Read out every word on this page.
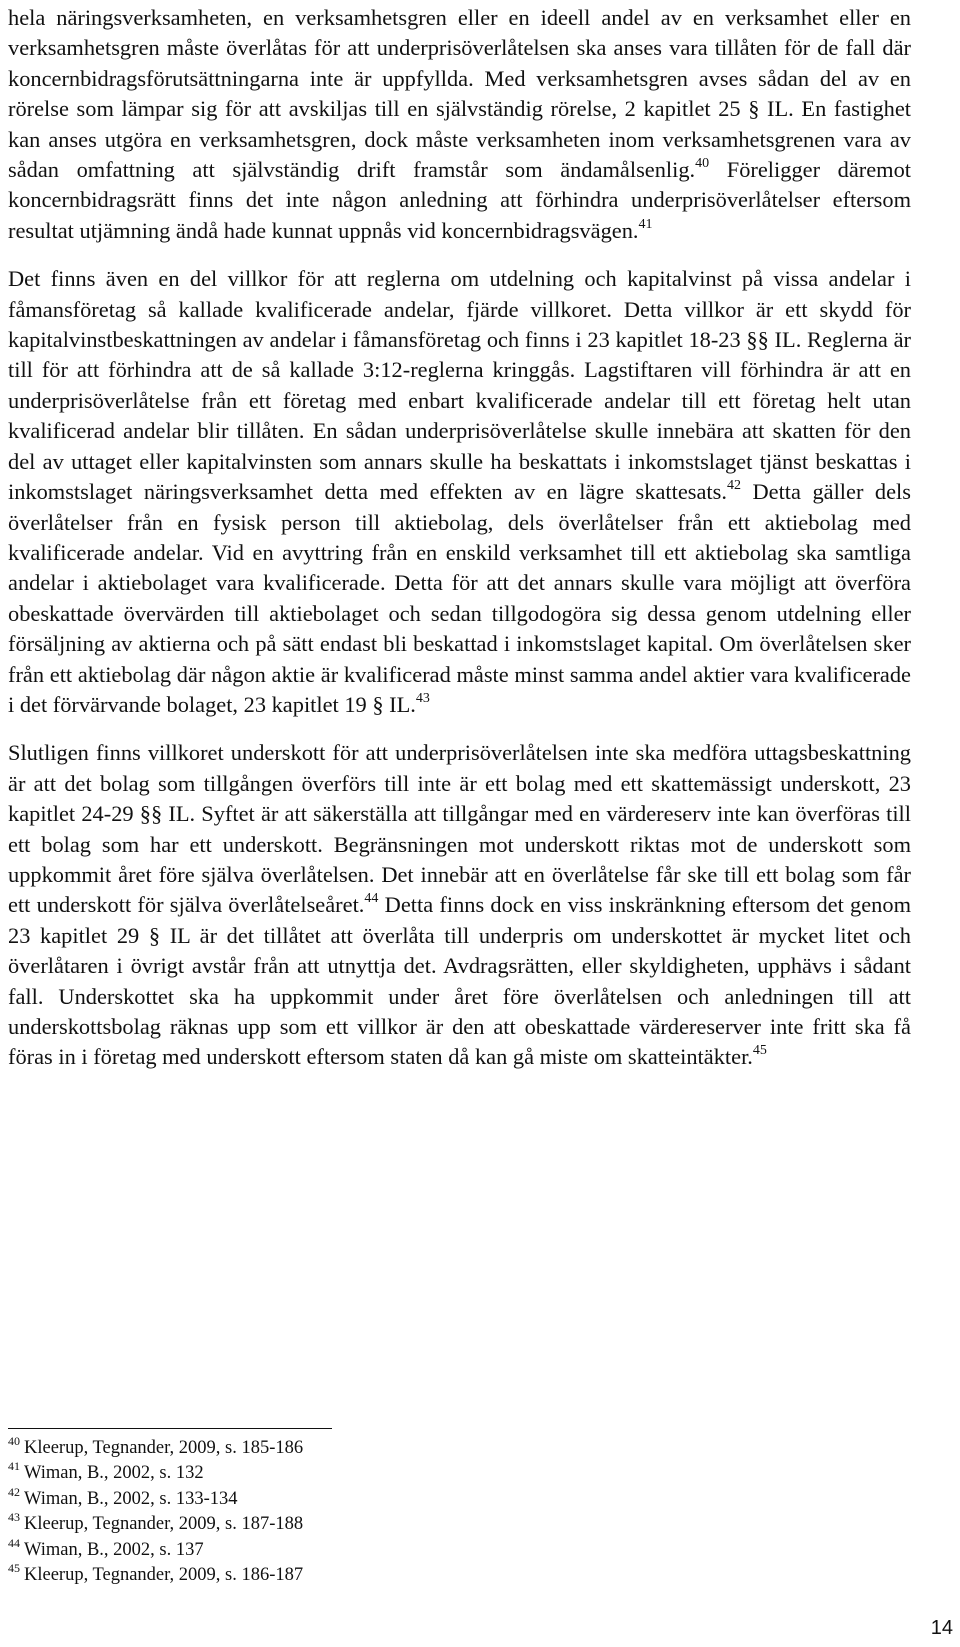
hela näringsverksamheten, en verksamhetsgren eller en ideell andel av en verksamhet eller en verksamhetsgren måste överlåtas för att underprisöverlåtelsen ska anses vara tillåten för de fall där koncernbidragsförutsättningarna inte är uppfyllda. Med verksamhetsgren avses sådan del av en rörelse som lämpar sig för att avskiljas till en självständig rörelse, 2 kapitlet 25 § IL. En fastighet kan anses utgöra en verksamhetsgren, dock måste verksamheten inom verksamhetsgrenen vara av sådan omfattning att självständig drift framstår som ändamålsenlig.$^{40}$ Föreligger däremot koncernbidragsrätt finns det inte någon anledning att förhindra underprisöverlåtelser eftersom resultat utjämning ändå hade kunnat uppnås vid koncernbidragsvägen.$^{41}$

Det finns även en del villkor för att reglerna om utdelning och kapitalvinst på vissa andelar i fåmansföretag så kallade kvalificerade andelar, fjärde villkoret. Detta villkor är ett skydd för kapitalvinstbeskattningen av andelar i fåmansföretag och finns i 23 kapitlet 18-23 §§ IL. Reglerna är till för att förhindra att de så kallade 3:12-reglerna kringgås. Lagstiftaren vill förhindra är att en underprisöverlåtelse från ett företag med enbart kvalificerade andelar till ett företag helt utan kvalificerad andelar blir tillåten. En sådan underprisöverlåtelse skulle innebära att skatten för den del av uttaget eller kapitalvinsten som annars skulle ha beskattats i inkomstslaget tjänst beskattas i inkomstslaget näringsverksamhet detta med effekten av en lägre skattesats.$^{42}$ Detta gäller dels överlåtelser från en fysisk person till aktiebolag, dels överlåtelser från ett aktiebolag med kvalificerade andelar. Vid en avyttring från en enskild verksamhet till ett aktiebolag ska samtliga andelar i aktiebolaget vara kvalificerade. Detta för att det annars skulle vara möjligt att överföra obeskattade övervärden till aktiebolaget och sedan tillgodogöra sig dessa genom utdelning eller försäljning av aktierna och på sätt endast bli beskattad i inkomstslaget kapital. Om överlåtelsen sker från ett aktiebolag där någon aktie är kvalificerad måste minst samma andel aktier vara kvalificerade i det förvärvande bolaget, 23 kapitlet 19 § IL.$^{43}$

Slutligen finns villkoret underskott för att underprisöverlåtelsen inte ska medföra uttagsbeskattning är att det bolag som tillgången överförs till inte är ett bolag med ett skattemässigt underskott, 23 kapitlet 24-29 §§ IL. Syftet är att säkerställa att tillgångar med en värdereserv inte kan överföras till ett bolag som har ett underskott. Begränsningen mot underskott riktas mot de underskott som uppkommit året före själva överlåtelsen. Det innebär att en överlåtelse får ske till ett bolag som får ett underskott för själva överlåtelseåret.$^{44}$ Detta finns dock en viss inskränkning eftersom det genom 23 kapitlet 29 § IL är det tillåtet att överlåta till underpris om underskottet är mycket litet och överlåtaren i övrigt avstår från att utnyttja det. Avdragsrätten, eller skyldigheten, upphävs i sådant fall. Underskottet ska ha uppkommit under året före överlåtelsen och anledningen till att underskottsbolag räknas upp som ett villkor är den att obeskattade värdereserver inte fritt ska få föras in i företag med underskott eftersom staten då kan gå miste om skatteintäkter.$^{45}$

$^{40}$ Kleerup, Tegnander, 2009, s. 185-186
$^{41}$ Wiman, B., 2002, s. 132
$^{42}$ Wiman, B., 2002, s. 133-134
$^{43}$ Kleerup, Tegnander, 2009, s. 187-188
$^{44}$ Wiman, B., 2002, s. 137
$^{45}$ Kleerup, Tegnander, 2009, s. 186-187
14
